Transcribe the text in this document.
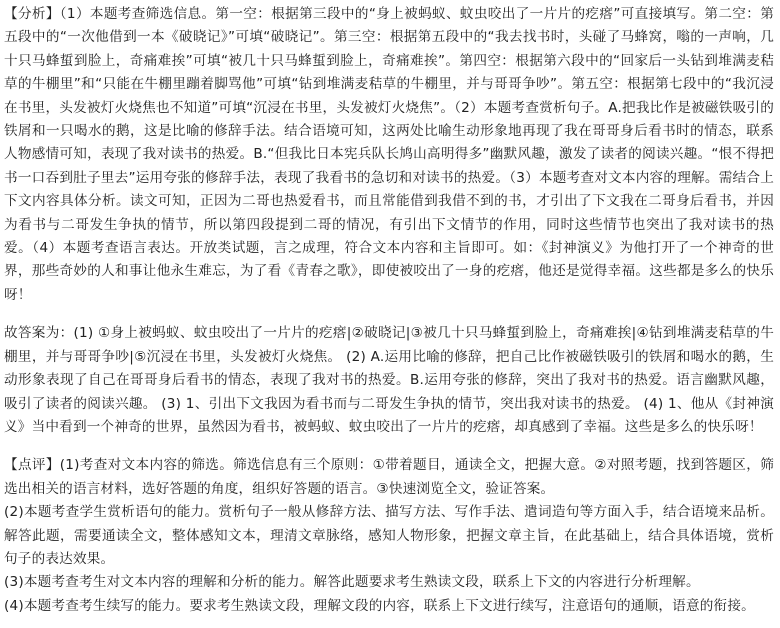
【分析】（1）本题考查筛选信息。第一空：根据第三段中的“身上被蚂蚁、蚊虫咬出了一片片的疙瘩”可直接填写。第二空：第五段中的“一次他借到一本《破晓记》”可填“破晓记”。第三空：根据第五段中的“我去找书时，头碰了马蜂窝，嗡的一声响，几十只马蜂蜇到脸上，奇痛难挨”可填“被几十只马蜂蜇到脸上，奇痛难挨”。第四空：根据第六段中的“回家后一头钻到堆满麦秸草的牛棚里”和“只能在牛棚里蹦着脚骂他”可填“钻到堆满麦秸草的牛棚里，并与哥哥争吵”。第五空：根据第七段中的“我沉浸在书里，头发被灯火烧焦也不知道”可填“沉浸在书里，头发被灯火烧焦”。（2）本题考查赏析句子。A.把我比作是被磁铁吸引的铁屑和一只喝水的鹅，这是比喻的修辞手法。结合语境可知，这两处比喻生动形象地再现了我在哥哥身后看书时的情态，联系人物感情可知，表现了我对读书的热爱。B.“但我比日本宪兵队长鸠山高明得多”幽默风趣，激发了读者的阅读兴趣。“恨不得把书一口吞到肚子里去”运用夸张的修辞手法，表现了我看书的急切和对读书的热爱。（3）本题考查对文本内容的理解。需结合上下文内容具体分析。读文可知，正因为二哥也热爱看书，而且常能借到我借不到的书，才引出了下文我在二哥身后看书，并因为看书与二哥发生争执的情节，所以第四段提到二哥的情况，有引出下文情节的作用，同时这些情节也突出了我对读书的热爱。（4）本题考查语言表达。开放类试题，言之成理，符合文本内容和主旨即可。如：《封神演义》为他打开了一个神奇的世界，那些奇妙的人和事让他永生难忘，为了看《青春之歌》，即使被咬出了一身的疙瘩，他还是觉得幸福。这些都是多么的快乐呀！

故答案为：(1) ①身上被蚂蚁、蚊虫咬出了一片片的疙瘩|②破晓记|③被几十只马蜂蜇到脸上，奇痛难挨|④钻到堆满麦秸草的牛棚里，并与哥哥争吵|⑤沉浸在书里，头发被灯火烧焦。 (2) A.运用比喻的修辞，把自己比作被磁铁吸引的铁屑和喝水的鹅，生动形象表现了自己在哥哥身后看书的情态，表现了我对书的热爱。B.运用夸张的修辞，突出了我对书的热爱。语言幽默风趣，吸引了读者的阅读兴趣。 (3) 1、引出下文我因为看书而与二哥发生争执的情节，突出我对读书的热爱。 (4) 1、他从《封神演义》当中看到一个神奇的世界，虽然因为看书，被蚂蚁、蚊虫咬出了一片片的疙瘩，却真感到了幸福。这些是多么的快乐呀！

【点评】(1)考查对文本内容的筛选。筛选信息有三个原则：①带着题目，通读全文，把握大意。②对照考题，找到答题区，筛选出相关的语言材料，选好答题的角度，组织好答题的语言。③快速浏览全文，验证答案。

(2)本题考查学生赏析语句的能力。赏析句子一般从修辞方法、描写方法、写作手法、遣词造句等方面入手，结合语境来品析。解答此题，需要通读全文，整体感知文本，理清文章脉络，感知人物形象，把握文章主旨，在此基础上，结合具体语境，赏析句子的表达效果。

(3)本题考查考生对文本内容的理解和分析的能力。解答此题要求考生熟读文段，联系上下文的内容进行分析理解。

(4)本题考查考生续写的能力。要求考生熟读文段，理解文段的内容，联系上下文进行续写，注意语句的通顺，语意的衔接。
